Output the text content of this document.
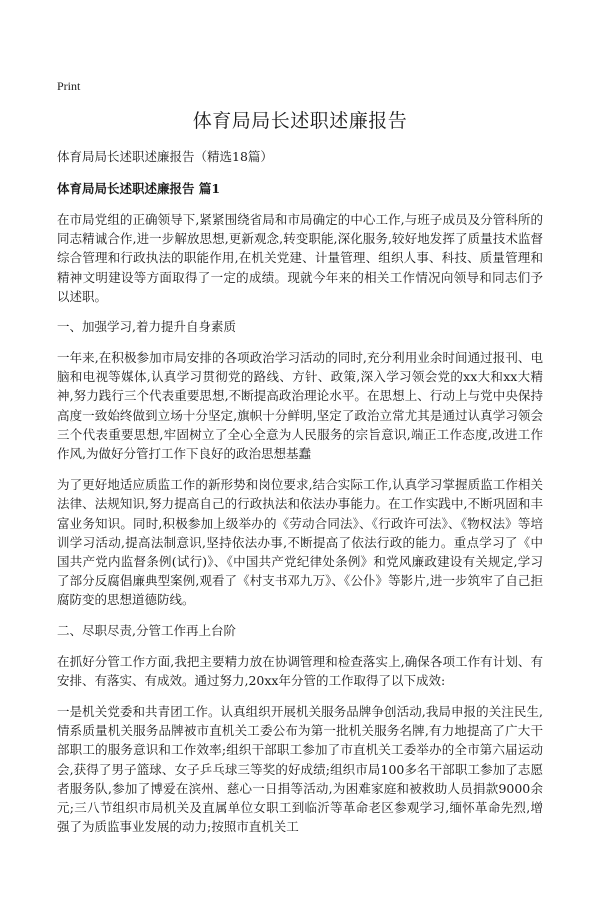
Print
体育局局长述职述廉报告
体育局局长述职述廉报告（精选18篇）
体育局局长述职述廉报告 篇1

在市局党组的正确领导下,紧紧围绕省局和市局确定的中心工作,与班子成员及分管科所的同志精诚合作,进一步解放思想,更新观念,转变职能,深化服务,较好地发挥了质量技术监督综合管理和行政执法的职能作用,在机关党建、计量管理、组织人事、科技、质量管理和精神文明建设等方面取得了一定的成绩。现就今年来的相关工作情况向领导和同志们予以述职。

一、加强学习,着力提升自身素质

一年来,在积极参加市局安排的各项政治学习活动的同时,充分利用业余时间通过报刊、电脑和电视等媒体,认真学习贯彻党的路线、方针、政策,深入学习领会党的xx大和xx大精神,努力践行三个代表重要思想,不断提高政治理论水平。在思想上、行动上与党中央保持高度一致始终做到立场十分坚定,旗帜十分鲜明,坚定了政治立常尤其是通过认真学习领会三个代表重要思想,牢固树立了全心全意为人民服务的宗旨意识,端正工作态度,改进工作作风,为做好分管打工作下良好的政治思想基蠢

为了更好地适应质监工作的新形势和岗位要求,结合实际工作,认真学习掌握质监工作相关法律、法规知识,努力提高自己的行政执法和依法办事能力。在工作实践中,不断巩固和丰富业务知识。同时,积极参加上级举办的《劳动合同法》、《行政许可法》、《物权法》等培训学习活动,提高法制意识,坚持依法办事,不断提高了依法行政的能力。重点学习了《中国共产党内监督条例(试行)》、《中国共产党纪律处条例》和党风廉政建设有关规定,学习了部分反腐倡廉典型案例,观看了《村支书邓九万》、《公仆》等影片,进一步筑牢了自己拒腐防变的思想道德防线。

二、尽职尽责,分管工作再上台阶

在抓好分管工作方面,我把主要精力放在协调管理和检查落实上,确保各项工作有计划、有安排、有落实、有成效。通过努力,20xx年分管的工作取得了以下成效:

一是机关党委和共青团工作。认真组织开展机关服务品牌争创活动,我局申报的关注民生,情系质量机关服务品牌被市直机关工委公布为第一批机关服务名牌,有力地提高了广大干部职工的服务意识和工作效率;组织干部职工参加了市直机关工委举办的全市第六届运动会,获得了男子篮球、女子乒乓球三等奖的好成绩;组织市局100多名干部职工参加了志愿者服务队,参加了博爱在滨州、慈心一日捐等活动,为困难家庭和被救助人员捐款9000余元;三八节组织市局机关及直属单位女职工到临沂等革命老区参观学习,缅怀革命先烈,增强了为质监事业发展的动力;按照市直机关工
